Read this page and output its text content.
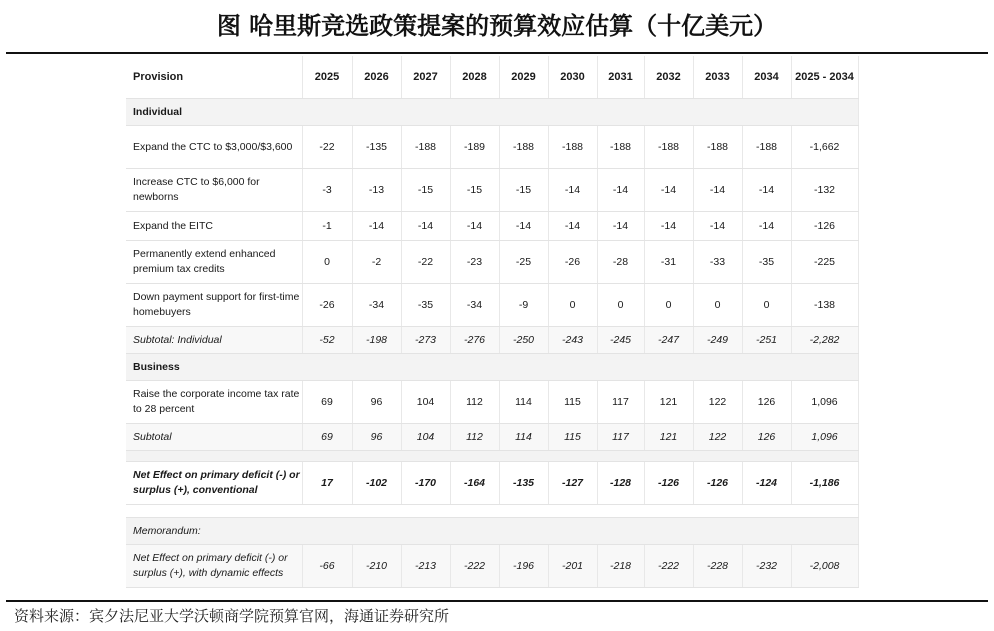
图 哈里斯竞选政策提案的预算效应估算（十亿美元）
Provision	2025	2026	2027	2028	2029	2030	2031	2032	2033	2034	2025 - 2034
Individual											
Expand the CTC to $3,000/$3,600	-22	-135	-188	-189	-188	-188	-188	-188	-188	-188	-1,662
Increase CTC to $6,000 for newborns	-3	-13	-15	-15	-15	-14	-14	-14	-14	-14	-132
Expand the EITC	-1	-14	-14	-14	-14	-14	-14	-14	-14	-14	-126
Permanently extend enhanced premium tax credits	0	-2	-22	-23	-25	-26	-28	-31	-33	-35	-225
Down payment support for first-time homebuyers	-26	-34	-35	-34	-9	0	0	0	0	0	-138
Subtotal: Individual	-52	-198	-273	-276	-250	-243	-245	-247	-249	-251	-2,282
Business											
Raise the corporate income tax rate to 28 percent	69	96	104	112	114	115	117	121	122	126	1,096
Subtotal	69	96	104	112	114	115	117	121	122	126	1,096

Net Effect on primary deficit (-) or surplus (+), conventional	17	-102	-170	-164	-135	-127	-128	-126	-126	-124	-1,186

Memorandum:											
Net Effect on primary deficit (-) or surplus (+), with dynamic effects	-66	-210	-213	-222	-196	-201	-218	-222	-228	-232	-2,008
资料来源：宾夕法尼亚大学沃顿商学院预算官网，海通证券研究所
